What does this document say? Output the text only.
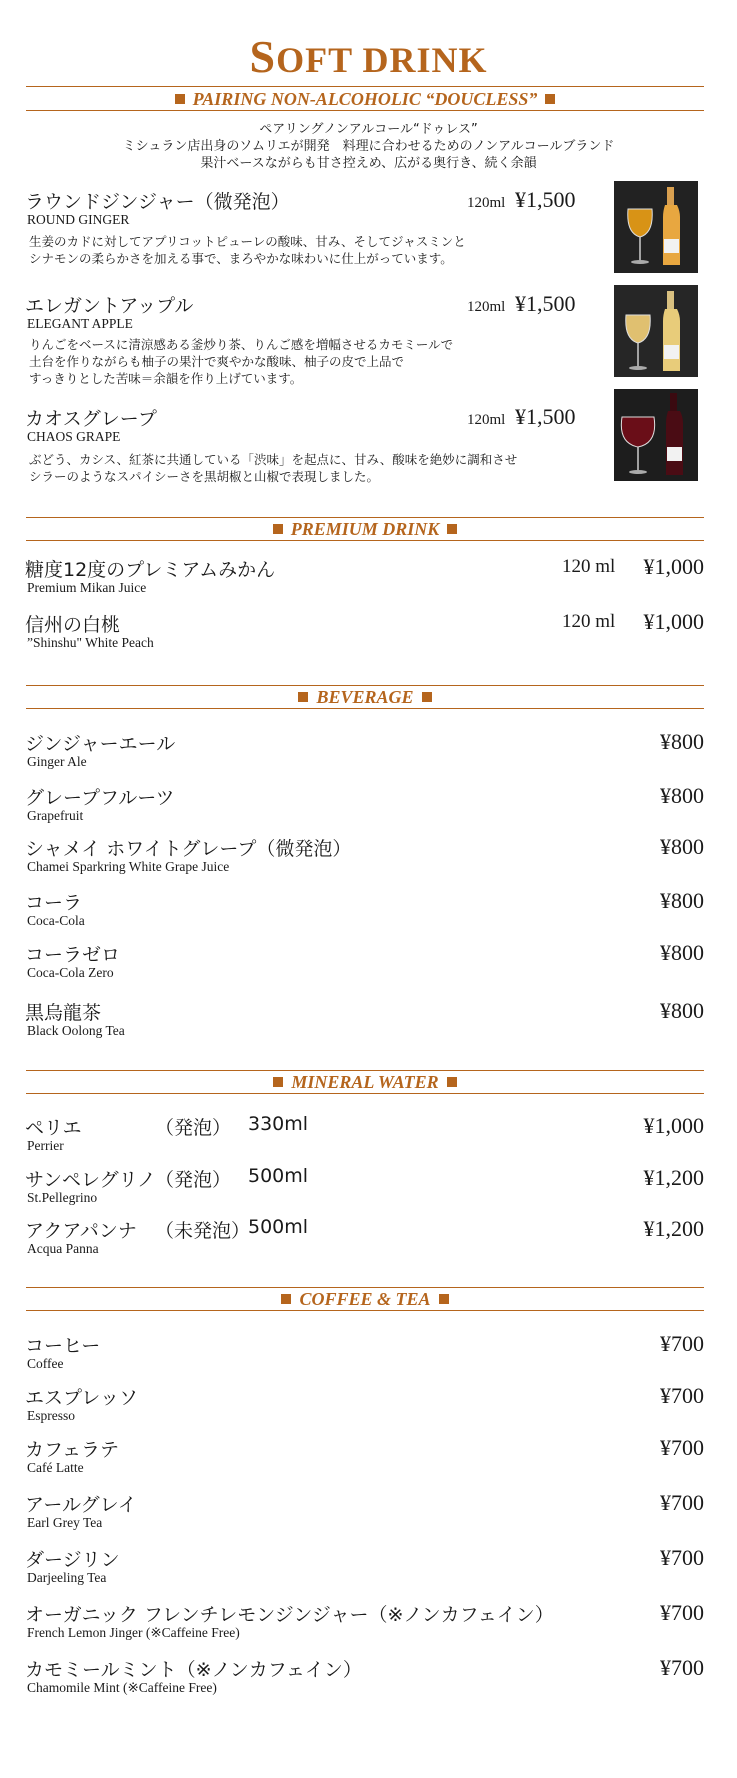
SOFT DRINK
PAIRING NON-ALCOHOLIC “DOUCLESS”
ペアリングノンアルコール“ドゥレス”
ミシュラン店出身のソムリエが開発　料理に合わせるためのノンアルコールブランド
果汁ベースながらも甘さ控えめ、広がる奥行き、続く余韻
ラウンドジンジャー（微発泡）
ROUND GINGER
120ml ¥1,500
生姜のカドに対してアプリコットピューレの酸味、甘み、そしてジャスミンと
シナモンの柔らかさを加える事で、まろやかな味わいに仕上がっています。
エレガントアップル
ELEGANT APPLE
120ml ¥1,500
りんごをベースに清涼感ある釜炒り茶、りんご感を増幅させるカモミールで
土台を作りながらも柚子の果汁で爽やかな酸味、柚子の皮で上品で
すっきりとした苦味＝余韻を作り上げています。
カオスグレープ
CHAOS GRAPE
120ml ¥1,500
ぶどう、カシス、紅茶に共通している「渋味」を起点に、甘み、酸味を絶妙に調和させ
シラーのようなスパイシーさを黒胡椒と山椒で表現しました。
PREMIUM DRINK
糖度12度のプレミアムみかん
Premium Mikan Juice
120 ml	¥1,000
信州の白桃
”Shinshu" White Peach
120 ml	¥1,000
BEVERAGE
ジンジャーエール
Ginger Ale
¥800
グレープフルーツ
Grapefruit
¥800
シャメイ ホワイトグレープ（微発泡）
Chamei Sparkring White Grape Juice
¥800
コーラ
Coca-Cola
¥800
コーラゼロ
Coca-Cola Zero
¥800
黒烏龍茶
Black Oolong Tea
¥800
MINERAL WATER
ペリエ	（発泡） 330ml
Perrier
¥1,000
サンペレグリノ （発泡） 500ml
St.Pellegrino
¥1,200
アクアパンナ （未発泡）
500ml
Acqua Panna
¥1,200
COFFEE & TEA
コーヒー
Coffee
¥700
エスプレッソ
Espresso
¥700
カフェラテ
Café Latte
¥700
アールグレイ
Earl Grey Tea
¥700
ダージリン
Darjeeling Tea
¥700
オーガニック フレンチレモンジンジャー（※ノンカフェイン）
French Lemon Jinger (※Caffeine Free)
¥700
カモミールミント（※ノンカフェイン）
Chamomile Mint (※Caffeine Free)
¥700
